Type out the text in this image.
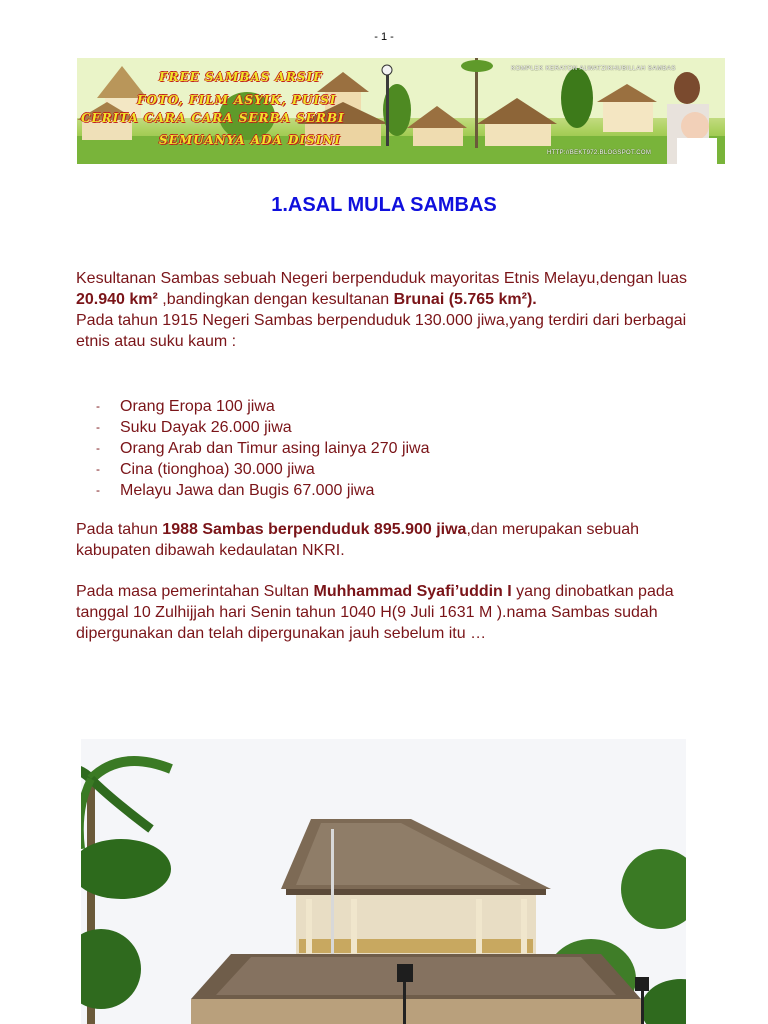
- 1 -
FREE SAMBAS ARSIF
FOTO, FILM ASYIK, PUISI
CERITA CARA CARA SERBA SERBI
SEMUANYA ADA DISINI
KOMPLEK KERATON ALWATZIKHUBILLAH SAMBAS
HTTP://BEKT972.BLOGSPOT.COM
1.ASAL MULA SAMBAS

Kesultanan Sambas sebuah Negeri berpenduduk mayoritas Etnis Melayu,dengan luas 20.940 km² ,bandingkan dengan kesultanan Brunai (5.765 km²).
Pada tahun 1915 Negeri Sambas berpenduduk 130.000 jiwa,yang terdiri dari berbagai etnis atau suku kaum :

- Orang Eropa 100 jiwa
- Suku Dayak 26.000 jiwa
- Orang Arab dan Timur asing lainya 270 jiwa
- Cina (tionghoa) 30.000 jiwa
- Melayu Jawa dan Bugis 67.000 jiwa

Pada tahun 1988 Sambas berpenduduk 895.900 jiwa,dan merupakan sebuah kabupaten dibawah kedaulatan NKRI.

Pada masa pemerintahan Sultan Muhhammad Syafi’uddin I yang dinobatkan pada tanggal 10 Zulhijjah hari Senin tahun 1040 H(9 Juli 1631 M ).nama Sambas sudah dipergunakan dan telah dipergunakan jauh sebelum itu …
